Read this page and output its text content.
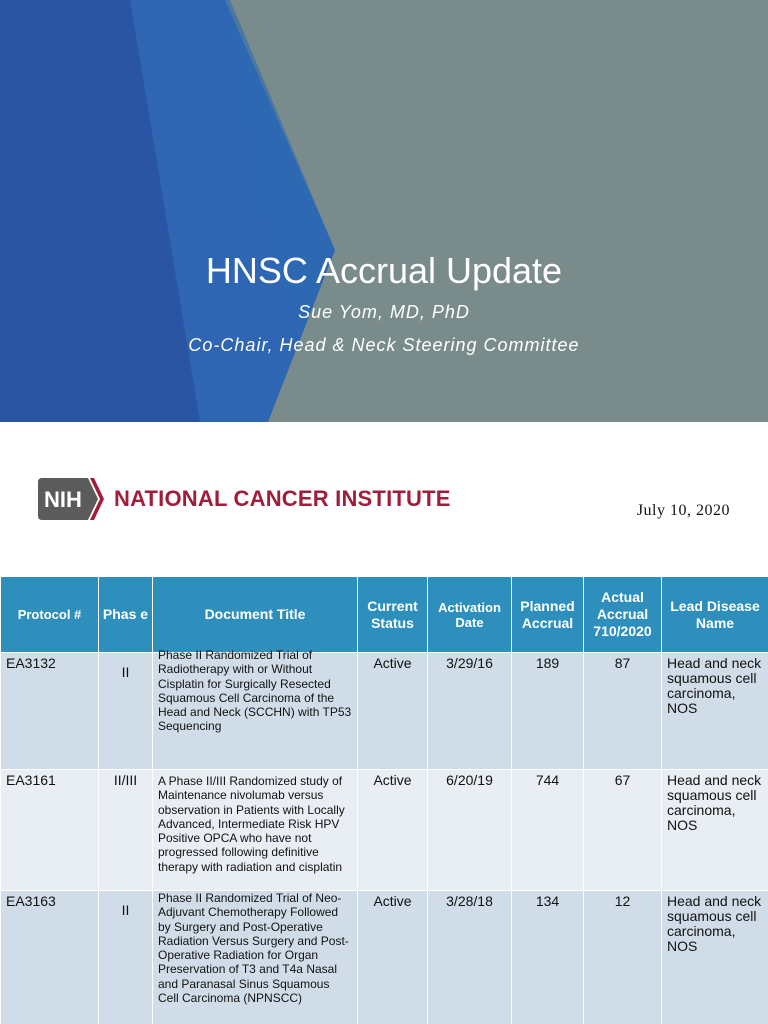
HNSC Accrual Update
Sue Yom, MD, PhD
Co-Chair, Head & Neck Steering Committee
NIH NATIONAL CANCER INSTITUTE	July 10, 2020
Protocol #	Phas e	Document Title	Current Status	Activation Date	Planned Accrual	Actual Accrual 710/2020	Lead Disease Name
EA3132	II	Phase II Randomized Trial of Radiotherapy with or Without Cisplatin for Surgically Resected Squamous Cell Carcinoma of the Head and Neck (SCCHN) with TP53 Sequencing	Active	3/29/16	189	87	Head and neck squamous cell carcinoma, NOS
EA3161	II/III	A Phase II/III Randomized study of Maintenance nivolumab versus observation in Patients with Locally Advanced, Intermediate Risk HPV Positive OPCA who have not progressed following definitive therapy with radiation and cisplatin	Active	6/20/19	744	67	Head and neck squamous cell carcinoma, NOS
EA3163	II	Phase II Randomized Trial of Neo-Adjuvant Chemotherapy Followed by Surgery and Post-Operative Radiation Versus Surgery and Post-Operative Radiation for Organ Preservation of T3 and T4a Nasal and Paranasal Sinus Squamous Cell Carcinoma (NPNSCC)	Active	3/28/18	134	12	Head and neck squamous cell carcinoma, NOS
